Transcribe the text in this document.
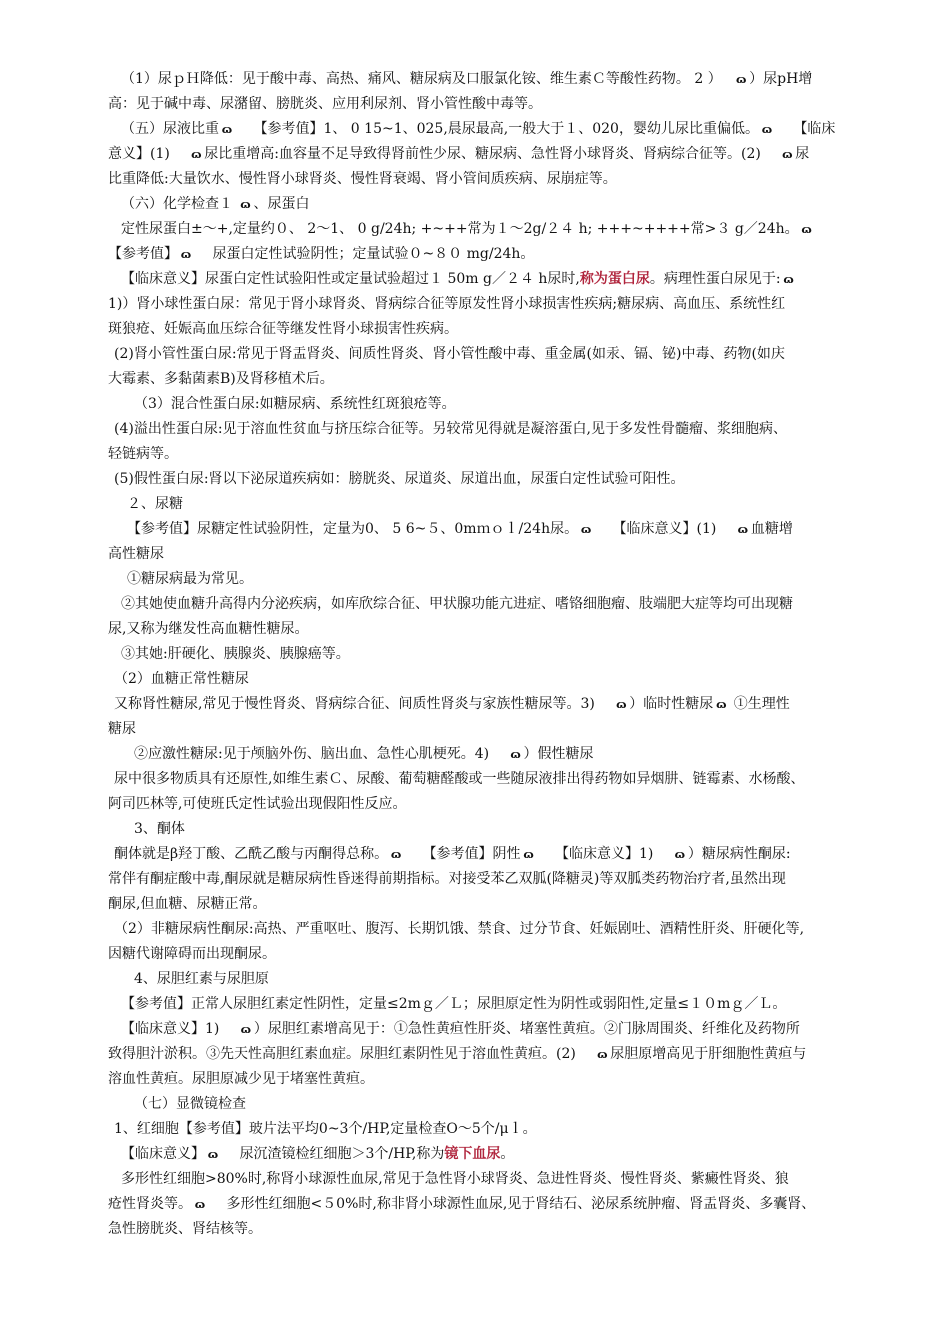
（1）尿ｐＨ降低：见于酸中毒、高热、痛风、糖尿病及口服氯化铵、维生素Ｃ等酸性药物。 2 ）　 ɷ ）尿pH增
高：见于碱中毒、尿潴留、膀胱炎、应用利尿剂、肾小管性酸中毒等。
（五）尿液比重 ɷ　 【参考值】1、 0 15~1、025,晨尿最高,一般大于１、020，婴幼儿尿比重偏低。 ɷ　 【临床
意义】(1)　 ɷ 尿比重增高:血容量不足导致得肾前性少尿、糖尿病、急性肾小球肾炎、肾病综合征等。(2)　 ɷ 尿
比重降低:大量饮水、慢性肾小球肾炎、慢性肾衰竭、肾小管间质疾病、尿崩症等。
（六）化学检查１ ɷ 、尿蛋白
定性尿蛋白±～+,定量约０、 2～1、 0 g/24h; +~++常为１～2g/２４ h; +++~++++常>３ g／24h。 ɷ
【参考值】 ɷ　 尿蛋白定性试验阴性；定量试验０~８０ mg/24h。
【临床意义】尿蛋白定性试验阳性或定量试验超过１ 50m g／２４ h尿时,称为蛋白尿。病理性蛋白尿见于: ɷ
1)）肾小球性蛋白尿：常见于肾小球肾炎、肾病综合征等原发性肾小球损害性疾病;糖尿病、高血压、系统性红
斑狼疮、妊娠高血压综合征等继发性肾小球损害性疾病。
(2)肾小管性蛋白尿:常见于肾盂肾炎、间质性肾炎、肾小管性酸中毒、重金属(如汞、镉、铋)中毒、药物(如庆
大霉素、多黏菌素B)及肾移植术后。
（3）混合性蛋白尿:如糖尿病、系统性红斑狼疮等。
(4)溢出性蛋白尿:见于溶血性贫血与挤压综合征等。另较常见得就是凝溶蛋白,见于多发性骨髓瘤、浆细胞病、
轻链病等。
(5)假性蛋白尿:肾以下泌尿道疾病如：膀胱炎、尿道炎、尿道出血，尿蛋白定性试验可阳性。
２、尿糖
【参考值】尿糖定性试验阴性，定量为0、 5 6~５、0mｍｏｌ/24h尿。 ɷ　 【临床意义】(1)　 ɷ 血糖增
高性糖尿
①糖尿病最为常见。
②其她使血糖升高得内分泌疾病，如库欣综合征、甲状腺功能亢进症、嗜铬细胞瘤、肢端肥大症等均可出现糖
尿,又称为继发性高血糖性糖尿。
③其她:肝硬化、胰腺炎、胰腺癌等。
（2）血糖正常性糖尿
又称肾性糖尿,常见于慢性肾炎、肾病综合征、间质性肾炎与家族性糖尿等。3)　 ɷ ）临时性糖尿 ɷ ①生理性
糖尿
②应激性糖尿:见于颅脑外伤、脑出血、急性心肌梗死。4)　 ɷ ）假性糖尿
尿中很多物质具有还原性,如维生素Ｃ、尿酸、葡萄糖醛酸或一些随尿液排出得药物如异烟肼、链霉素、水杨酸、
阿司匹林等,可使班氏定性试验出现假阳性反应。
3、酮体
酮体就是β羟丁酸、乙酰乙酸与丙酮得总称。 ɷ　 【参考值】阴性 ɷ　 【临床意义】1)　 ɷ ）糖尿病性酮尿:
常伴有酮症酸中毒,酮尿就是糖尿病性昏迷得前期指标。对接受苯乙双胍(降糖灵)等双胍类药物治疗者,虽然出现
酮尿,但血糖、尿糖正常。
（2）非糖尿病性酮尿:高热、严重呕吐、腹泻、长期饥饿、禁食、过分节食、妊娠剧吐、酒精性肝炎、肝硬化等,
因糖代谢障碍而出现酮尿。
4、尿胆红素与尿胆原
【参考值】正常人尿胆红素定性阴性，定量≤2mｇ／Ｌ；尿胆原定性为阴性或弱阳性,定量≤１０mｇ／Ｌ。
【临床意义】1)　 ɷ ）尿胆红素增高见于：①急性黄疸性肝炎、堵塞性黄疸。②门脉周围炎、纤维化及药物所
致得胆汁淤积。③先天性高胆红素血症。尿胆红素阴性见于溶血性黄疸。(2)　 ɷ 尿胆原增高见于肝细胞性黄疸与
溶血性黄疸。尿胆原减少见于堵塞性黄疸。
（七）显微镜检查
1、红细胞【参考值】玻片法平均0~3个/HP,定量检查O～5个/μｌ。
【临床意义】 ɷ　 尿沉渣镜检红细胞＞3个/HP,称为镜下血尿。
多形性红细胞>80%时,称肾小球源性血尿,常见于急性肾小球肾炎、急进性肾炎、慢性肾炎、紫癜性肾炎、狼
疮性肾炎等。 ɷ　 多形性红细胞<５0%时,称非肾小球源性血尿,见于肾结石、泌尿系统肿瘤、肾盂肾炎、多囊肾、
急性膀胱炎、肾结核等。
